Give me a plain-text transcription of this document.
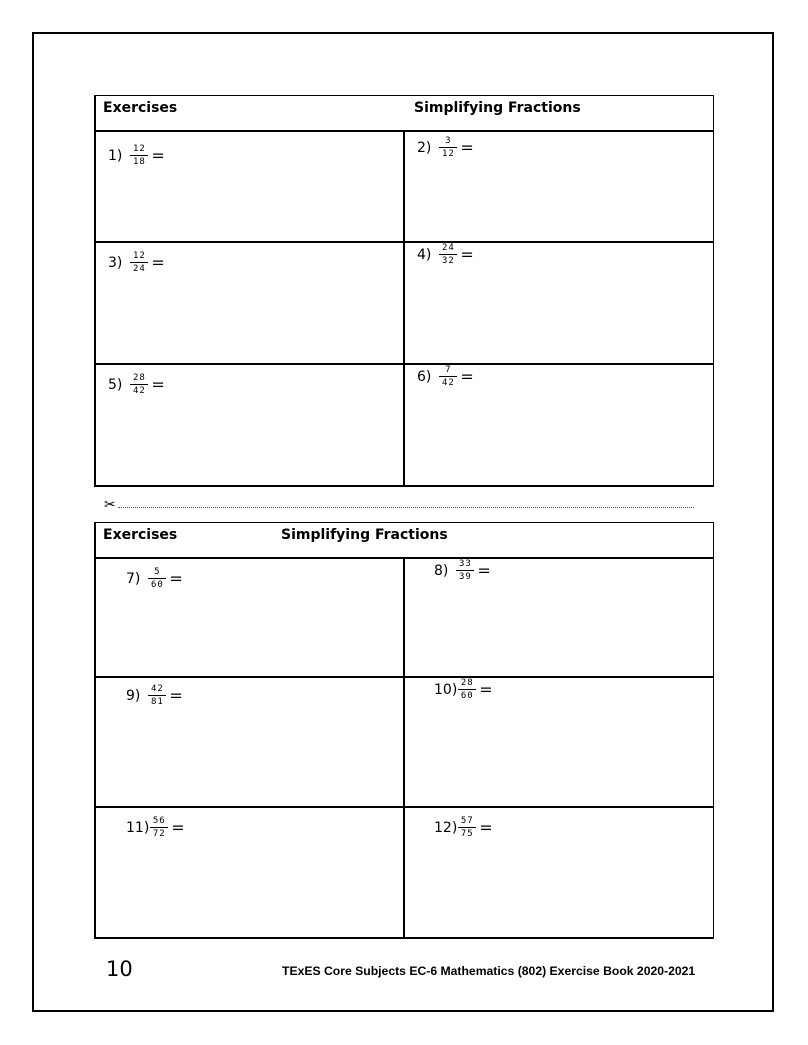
Exercises	Simplifying Fractions
$1) \frac{12}{18}$ =	$2) \frac{3}{12}$ =
$3) \frac{12}{24}$ =	$4) \frac{24}{32}$ =
$5) \frac{28}{42}$ =	$6) \frac{7}{42}$ =
✂
Exercises	Simplifying Fractions
$7) \frac{5}{60}$ =	$8) \frac{33}{39}$ =
$9) \frac{42}{81}$ =	$10) \frac{28}{60}$ =
$11) \frac{56}{72}$ =	$12) \frac{57}{75}$ =
10	TExES Core Subjects EC-6 Mathematics (802) Exercise Book 2020-2021
